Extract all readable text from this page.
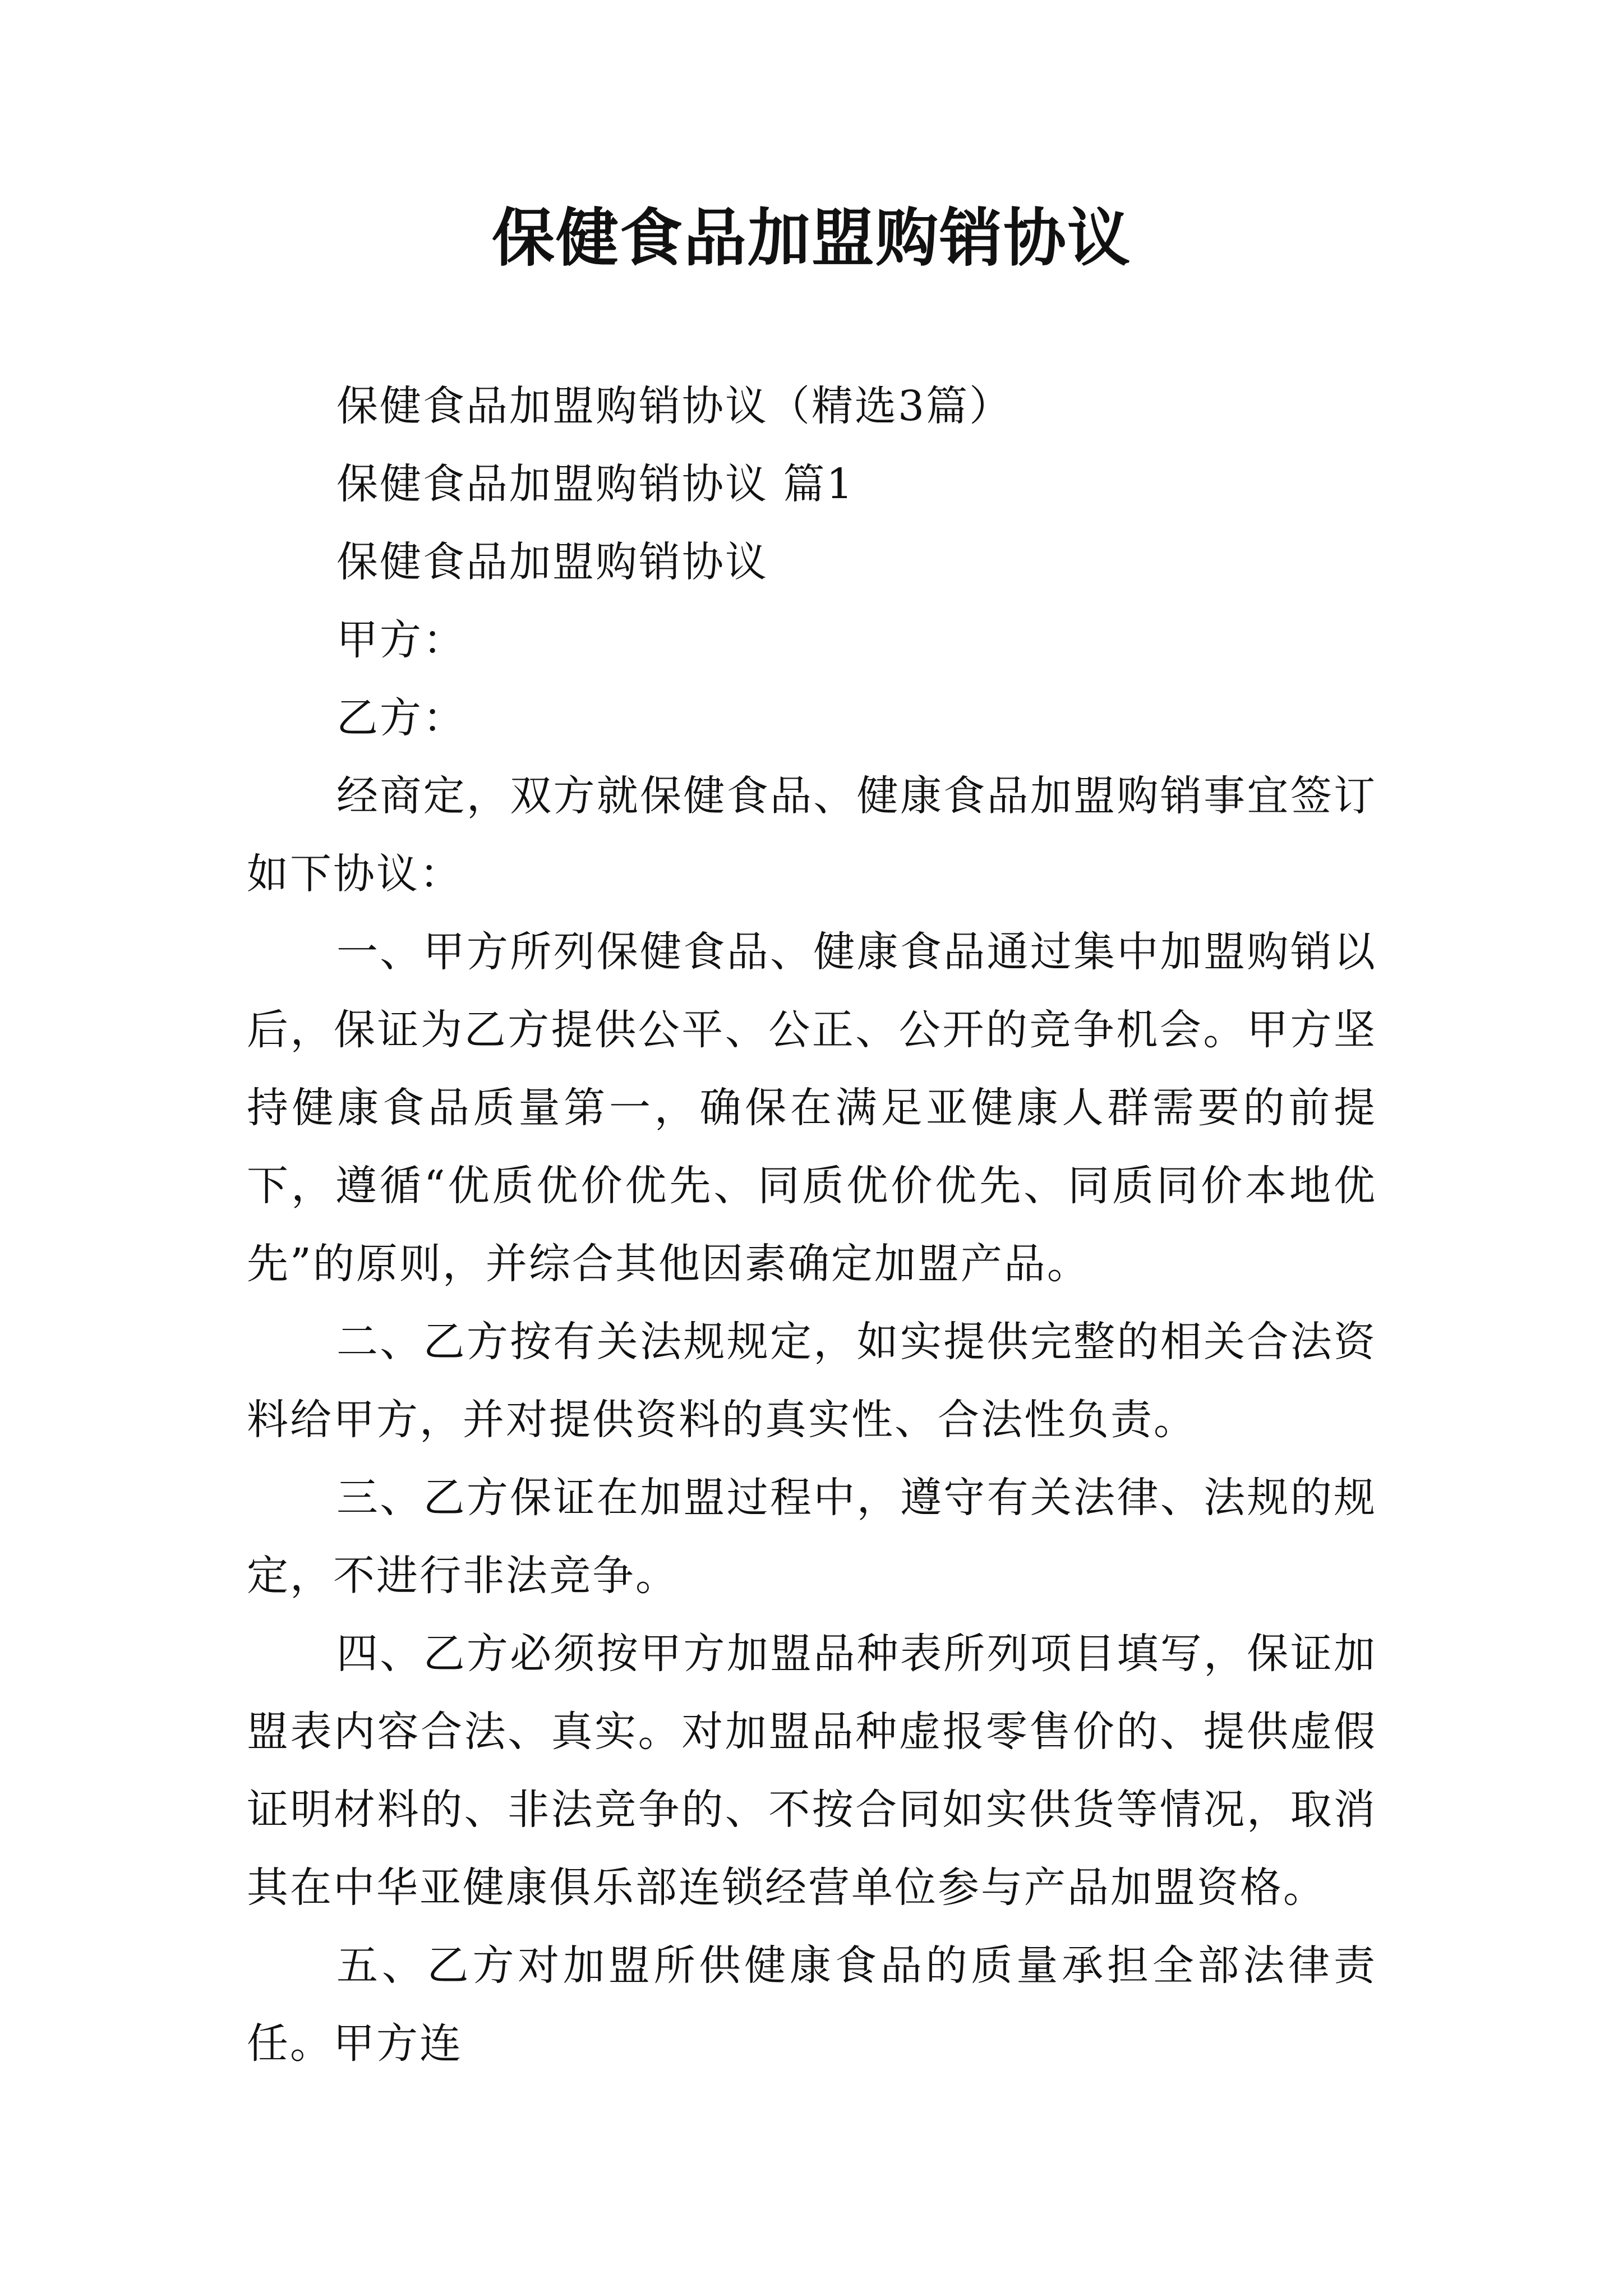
保健食品加盟购销协议

保健食品加盟购销协议（精选3篇）

保健食品加盟购销协议 篇1

保健食品加盟购销协议

甲方：

乙方：

经商定，双方就保健食品、健康食品加盟购销事宜签订如下协议：

一、甲方所列保健食品、健康食品通过集中加盟购销以后，保证为乙方提供公平、公正、公开的竞争机会。甲方坚持健康食品质量第一，确保在满足亚健康人群需要的前提下，遵循“优质优价优先、同质优价优先、同质同价本地优先”的原则，并综合其他因素确定加盟产品。

二、乙方按有关法规规定，如实提供完整的相关合法资料给甲方，并对提供资料的真实性、合法性负责。

三、乙方保证在加盟过程中，遵守有关法律、法规的规定，不进行非法竞争。

四、乙方必须按甲方加盟品种表所列项目填写，保证加盟表内容合法、真实。对加盟品种虚报零售价的、提供虚假证明材料的、非法竞争的、不按合同如实供货等情况，取消其在中华亚健康俱乐部连锁经营单位参与产品加盟资格。

五、乙方对加盟所供健康食品的质量承担全部法律责任。甲方连
